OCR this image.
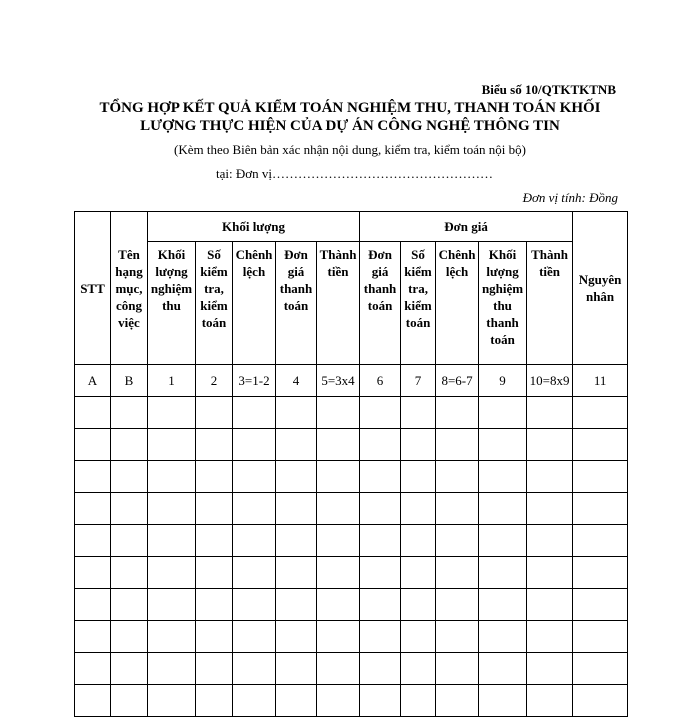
Biểu số 10/QTKTKTNB
TỔNG HỢP KẾT QUẢ KIỂM TOÁN NGHIỆM THU, THANH TOÁN KHỐI
LƯỢNG THỰC HIỆN CỦA DỰ ÁN CÔNG NGHỆ THÔNG TIN
(Kèm theo Biên bản xác nhận nội dung, kiểm tra, kiểm toán nội bộ)
tại: Đơn vị……………………………………………
Đơn vị tính: Đồng
STT	Tên hạng mục, công việc	Khối lượng					Đơn giá					Nguyên nhân
		Khối lượng nghiệm thu	Số kiểm tra, kiểm toán	Chênh lệch	Đơn giá thanh toán	Thành tiền	Đơn giá thanh toán	Số kiểm tra, kiểm toán	Chênh lệch	Khối lượng nghiệm thu thanh toán	Thành tiền	
A	B	1	2	3=1-2	4	5=3x4	6	7	8=6-7	9	10=8x9	11
